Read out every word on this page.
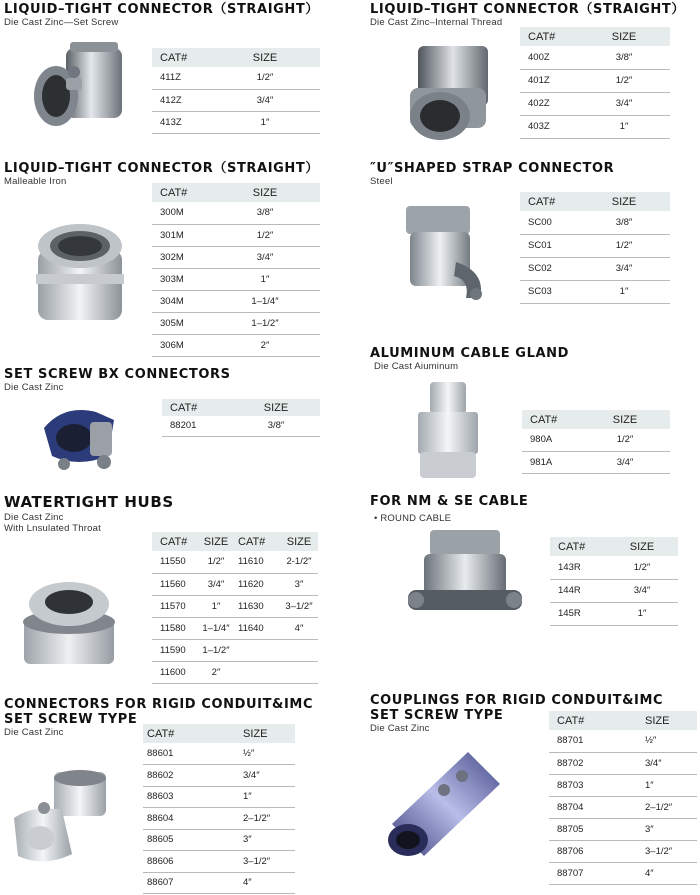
LIQUID–TIGHT CONNECTOR（STRAIGHT）
Die Cast Zinc—Set Screw
CAT#	SIZE
411Z	1/2″
412Z	3/4″
413Z	1″
LIQUID–TIGHT CONNECTOR（STRAIGHT）
Die Cast Zinc–Internal Thread
CAT#	SIZE
400Z	3/8″
401Z	1/2″
402Z	3/4″
403Z	1″
LIQUID–TIGHT CONNECTOR（STRAIGHT）
Malleable Iron
CAT#	SIZE
300M	3/8″
301M	1/2″
302M	3/4″
303M	1″
304M	1–1/4″
305M	1–1/2″
306M	2″
″U″SHAPED STRAP CONNECTOR
Steel
CAT#	SIZE
SC00	3/8″
SC01	1/2″
SC02	3/4″
SC03	1″
SET SCREW BX CONNECTORS
Die Cast Zinc
CAT#	SIZE
88201	3/8″
ALUMINUM CABLE GLAND
Die Cast Aiuminum
CAT#	SIZE
980A	1/2″
981A	3/4″
WATERTIGHT HUBS
Die Cast Zinc
With Lnsulated Throat
CAT#	SIZE	CAT#	SIZE
11550	1/2″	11610	2-1/2″
11560	3/4″	11620	3″
11570	1″	11630	3–1/2″
11580	1–1/4″	11640	4″
11590	1–1/2″		
11600	2″		
FOR NM & SE CABLE
• ROUND CABLE
CAT#	SIZE
143R	1/2″
144R	3/4″
145R	1″
CONNECTORS FOR RIGID CONDUIT&IMC
SET SCREW TYPE
Die Cast Zinc	CAT#	SIZE
88601	½″
88602	3/4″
88603	1″
88604	2–1/2″
88605	3″
88606	3–1/2″
88607	4″
COUPLINGS FOR RIGID CONDUIT&IMC
SET SCREW TYPE
Die Cast Zinc
CAT#	SIZE
88701	½″
88702	3/4″
88703	1″
88704	2–1/2″
88705	3″
88706	3–1/2″
88707	4″
